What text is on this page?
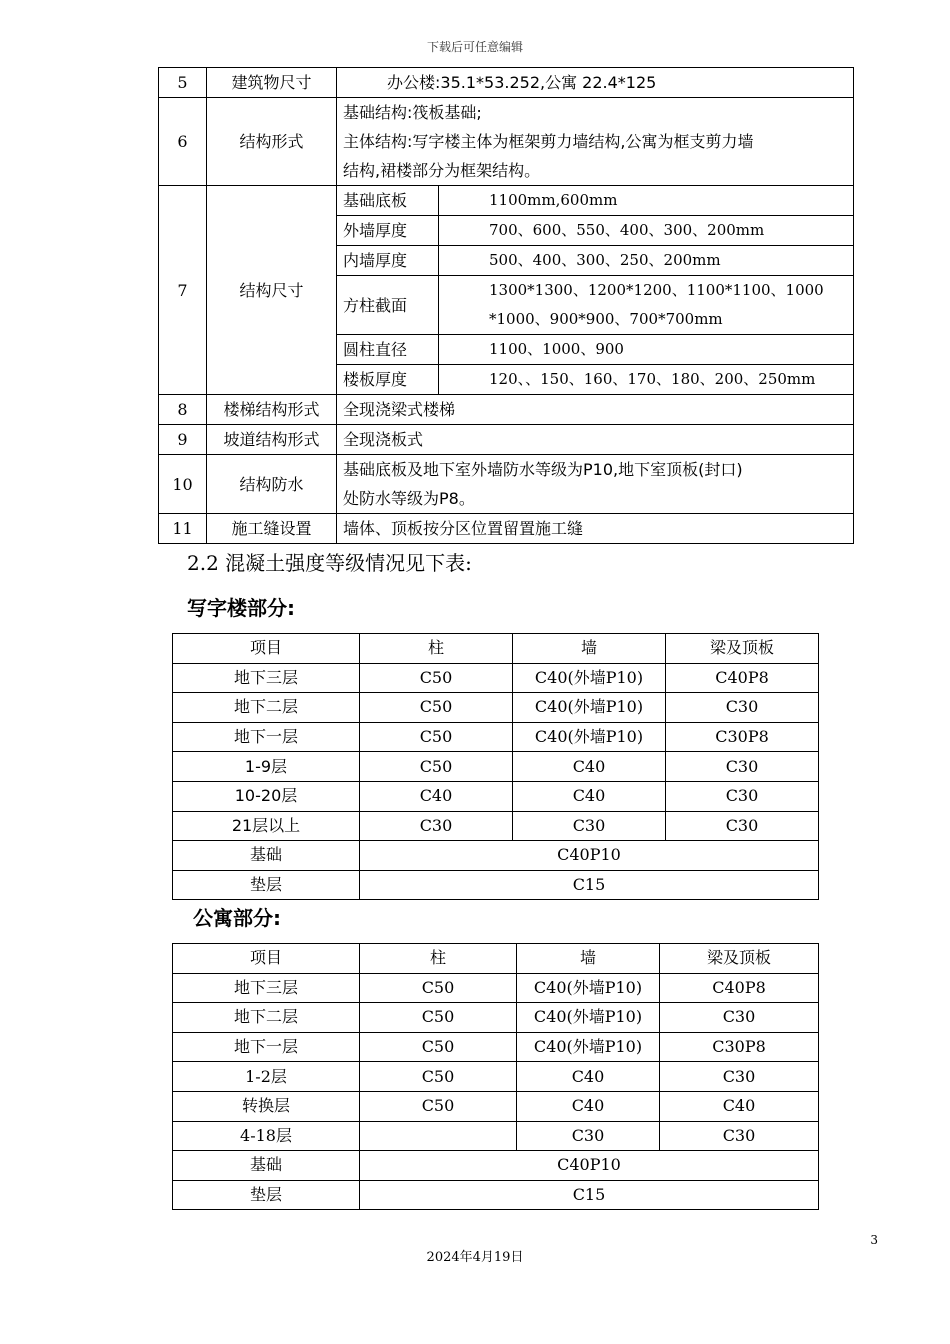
下载后可任意编辑
5	建筑物尺寸	办公楼:35.1*53.252,公寓 22.4*125	
6	结构形式	基础结构:筏板基础;
主体结构:写字楼主体为框架剪力墙结构,公寓为框支剪力墙
结构,裙楼部分为框架结构。	

7	结构尺寸	基础底板	1100mm,600mm
		外墙厚度	700、600、550、400、300、200mm
		内墙厚度	500、400、300、250、200mm
		方柱截面	1300*1300、1200*1200、1100*1100、1000
*1000、900*900、700*700mm

		圆柱直径	1100、1000、900
		楼板厚度	120、、150、160、170、180、200、250mm
8	楼梯结构形式	全现浇梁式楼梯	
9	坡道结构形式	全现浇板式	
10	结构防水	基础底板及地下室外墙防水等级为P10,地下室顶板(封口)
处防水等级为P8。	

11	施工缝设置	墙体、顶板按分区位置留置施工缝	
2.2 混凝土强度等级情况见下表:
写字楼部分:
项目	柱	墙	梁及顶板
地下三层	C50	C40(外墙P10)	C40P8
地下二层	C50	C40(外墙P10)	C30
地下一层	C50	C40(外墙P10)	C30P8
1-9层	C50	C40	C30
10-20层	C40	C40	C30
21层以上	C30	C30	C30
基础	C40P10		
垫层	C15		
公寓部分:
项目	柱	墙	梁及顶板
地下三层	C50	C40(外墙P10)	C40P8
地下二层	C50	C40(外墙P10)	C30
地下一层	C50	C40(外墙P10)	C30P8
1-2层	C50	C40	C30
转换层	C50	C40	C40
4-18层		C30	C30
基础	C40P10		
垫层	C15		
3
2024年4月19日
